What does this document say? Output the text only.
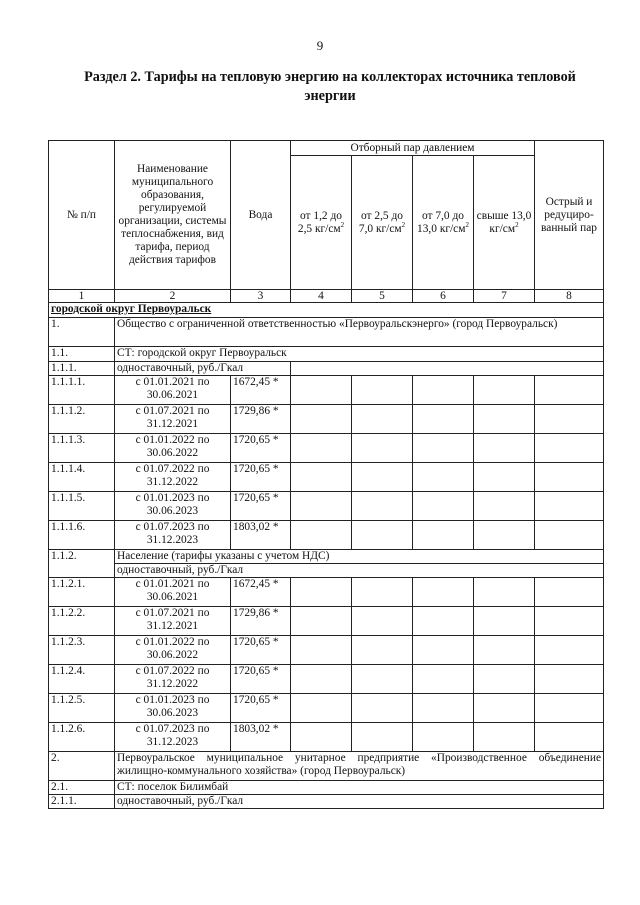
9
Раздел 2. Тарифы на тепловую энергию на коллекторах источника тепловой энергии
№ п/п	Наименование муниципального образования, регулируемой организации, системы теплоснабжения, вид тарифа, период действия тарифов	Вода	Отборный пар давлением				Острый и редуциро-ванный пар
			от 1,2 до 2,5 $кг/см^2$	от 2,5 до 7,0 $кг/см^2$	от 7,0 до 13,0 $кг/см^2$	свыше 13,0 $кг/см^2$
1	2	3	4	5	6	7	8
городской округ Первоуральск							
1.	Общество с ограниченной ответственностью «Первоуральскэнерго» (город Первоуральск)						
1.1.	СТ: городской округ Первоуральск						
1.1.1.	одноставочный, руб./Гкал						
1.1.1.1.	с 01.01.2021 по 30.06.2021	1672,45 *					
1.1.1.2.	с 01.07.2021 по 31.12.2021	1729,86 *					
1.1.1.3.	с 01.01.2022 по 30.06.2022	1720,65 *					
1.1.1.4.	с 01.07.2022 по 31.12.2022	1720,65 *					
1.1.1.5.	с 01.01.2023 по 30.06.2023	1720,65 *					
1.1.1.6.	с 01.07.2023 по 31.12.2023	1803,02 *					
1.1.2.	Население (тарифы указаны с учетом НДС)						
	одноставочный, руб./Гкал						
1.1.2.1.	с 01.01.2021 по 30.06.2021	1672,45 *					
1.1.2.2.	с 01.07.2021 по 31.12.2021	1729,86 *					
1.1.2.3.	с 01.01.2022 по 30.06.2022	1720,65 *					
1.1.2.4.	с 01.07.2022 по 31.12.2022	1720,65 *					
1.1.2.5.	с 01.01.2023 по 30.06.2023	1720,65 *					
1.1.2.6.	с 01.07.2023 по 31.12.2023	1803,02 *					
2.	Первоуральское муниципальное унитарное предприятие «Производственное объединение жилищно-коммунального хозяйства» (город Первоуральск)						
2.1.	СТ: поселок Билимбай						
2.1.1.	одноставочный, руб./Гкал						
